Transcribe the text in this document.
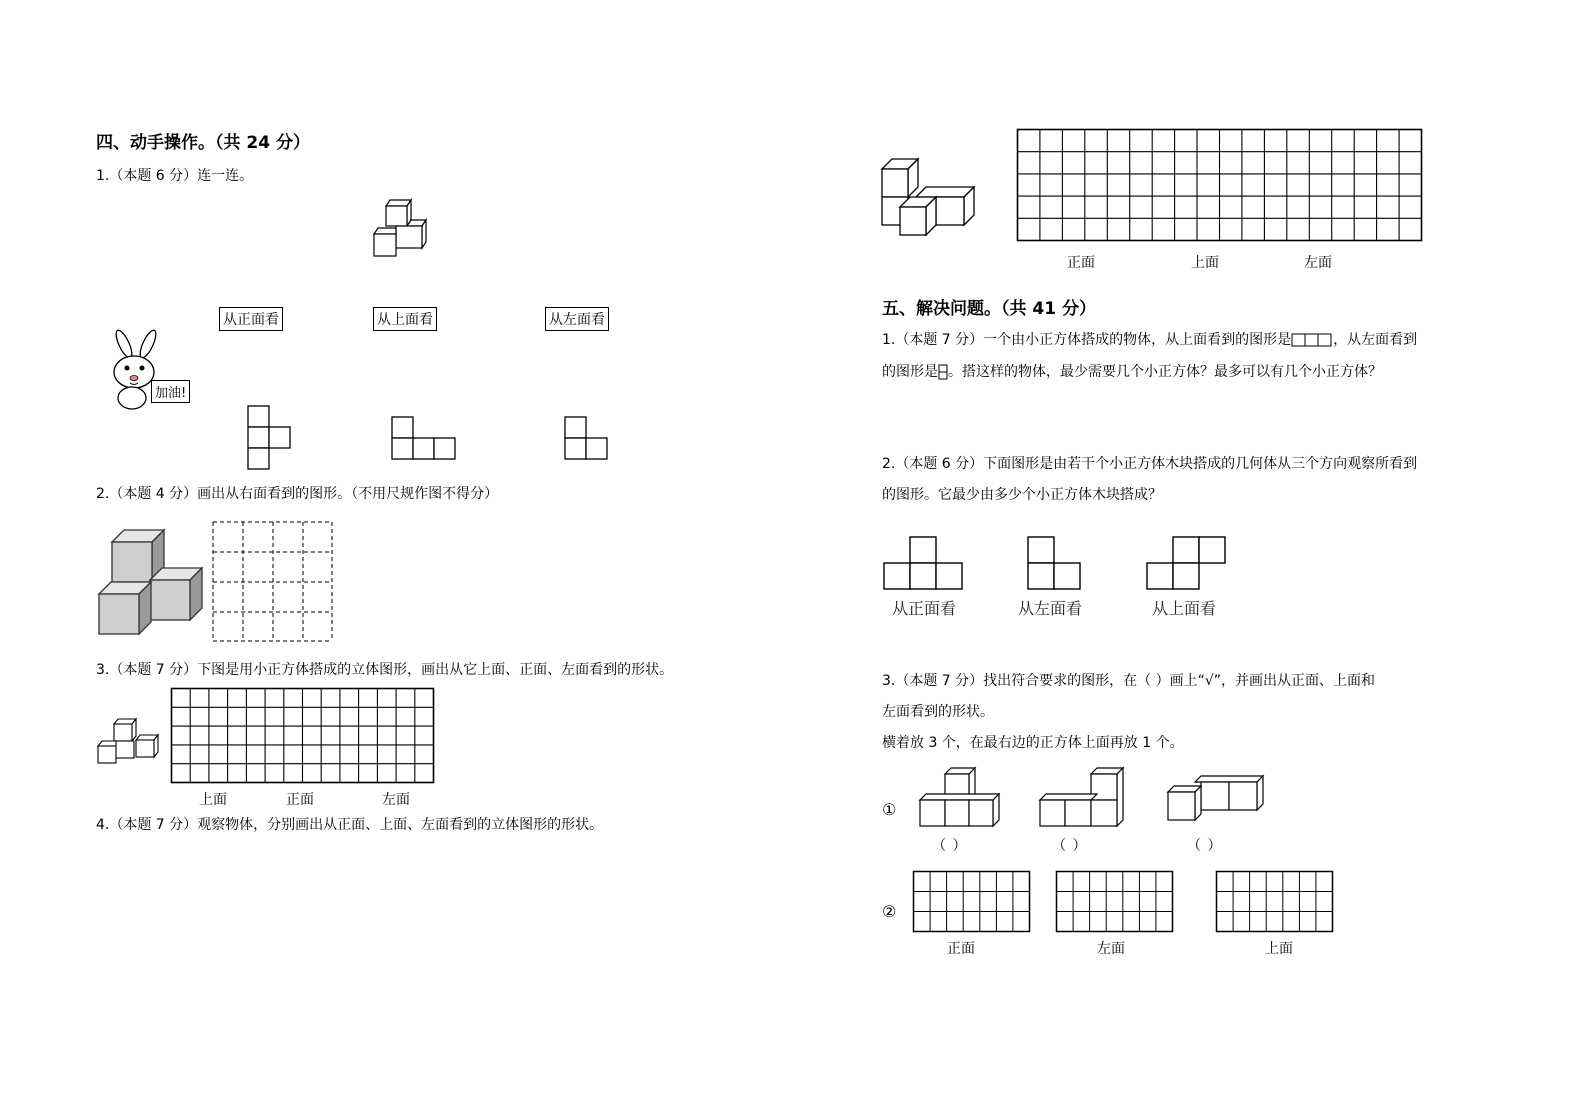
四、动手操作。（共 24 分）
1.（本题 6 分）连一连。
从正面看	从上面看	从左面看
加油!
2.（本题 4 分）画出从右面看到的图形。（不用尺规作图不得分）
3.（本题 7 分）下图是用小正方体搭成的立体图形，画出从它上面、正面、左面看到的形状。
上面	正面	左面
4.（本题 7 分）观察物体，分别画出从正面、上面、左面看到的立体图形的形状。
正面	上面	左面
五、解决问题。（共 41 分）
1.（本题 7 分）一个由小正方体搭成的物体，从上面看到的图形是	，从左面看到
的图形是 。搭这样的物体，最少需要几个小正方体？最多可以有几个小正方体？
2.（本题 6 分）下面图形是由若干个小正方体木块搭成的几何体从三个方向观察所看到
的图形。它最少由多少个小正方体木块搭成？
从正面看	从左面看	从上面看
3.（本题 7 分）找出符合要求的图形，在（ ）画上“√”，并画出从正面、上面和
左面看到的形状。
横着放 3 个，在最右边的正方体上面再放 1 个。
①
（ ）	（ ）	（ ）
②
正面	左面	上面
